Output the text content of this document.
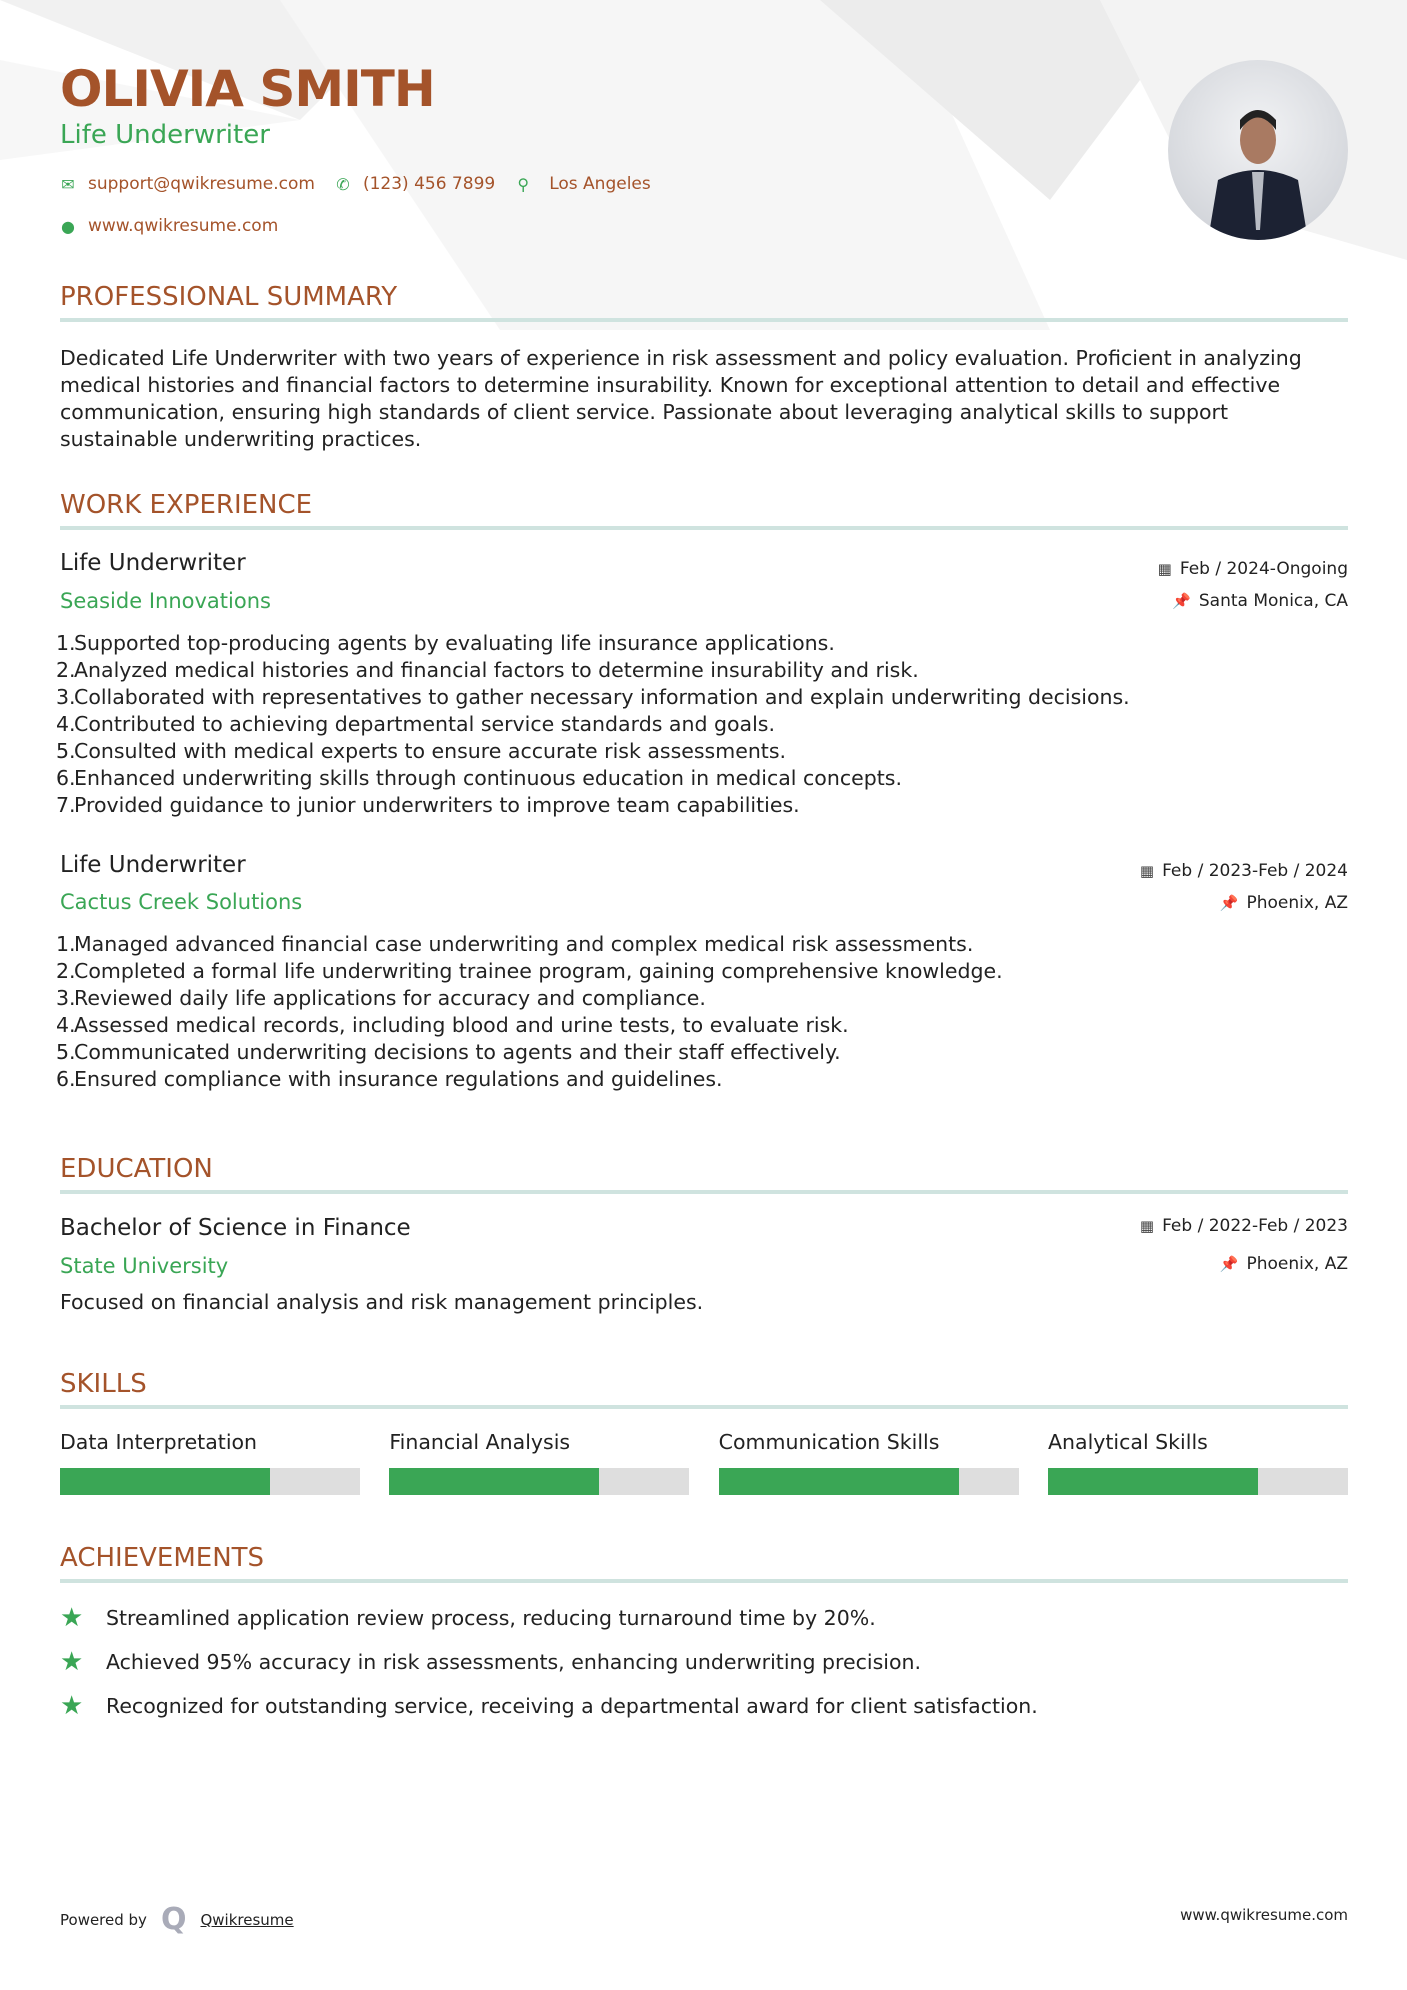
OLIVIA SMITH
Life Underwriter
✉ support@qwikresume.com ✆ (123) 456 7899 ⚲ Los Angeles
● www.qwikresume.com
PROFESSIONAL SUMMARY
Dedicated Life Underwriter with two years of experience in risk assessment and policy evaluation. Proficient in analyzing medical histories and financial factors to determine insurability. Known for exceptional attention to detail and effective communication, ensuring high standards of client service. Passionate about leveraging analytical skills to support sustainable underwriting practices.
WORK EXPERIENCE
Life Underwriter
Seaside Innovations
▦ Feb / 2024-Ongoing
📌 Santa Monica, CA
1.
Supported top-producing agents by evaluating life insurance applications.
2.
Analyzed medical histories and financial factors to determine insurability and risk.
3.
Collaborated with representatives to gather necessary information and explain underwriting decisions.
4.
Contributed to achieving departmental service standards and goals.
5.
Consulted with medical experts to ensure accurate risk assessments.
6.
Enhanced underwriting skills through continuous education in medical concepts.
7.
Provided guidance to junior underwriters to improve team capabilities.
Life Underwriter
Cactus Creek Solutions
▦ Feb / 2023-Feb / 2024
📌 Phoenix, AZ
1.
Managed advanced financial case underwriting and complex medical risk assessments.
2.
Completed a formal life underwriting trainee program, gaining comprehensive knowledge.
3.
Reviewed daily life applications for accuracy and compliance.
4.
Assessed medical records, including blood and urine tests, to evaluate risk.
5.
Communicated underwriting decisions to agents and their staff effectively.
6.
Ensured compliance with insurance regulations and guidelines.
EDUCATION
Bachelor of Science in Finance
State University
▦ Feb / 2022-Feb / 2023
📌 Phoenix, AZ
Focused on financial analysis and risk management principles.
SKILLS
Data Interpretation	Financial Analysis	Communication Skills	Analytical Skills
ACHIEVEMENTS
★	Streamlined application review process, reducing turnaround time by 20%.
★	Achieved 95% accuracy in risk assessments, enhancing underwriting precision.
★	Recognized for outstanding service, receiving a departmental award for client satisfaction.
Powered by Q Qwikresume	www.qwikresume.com
